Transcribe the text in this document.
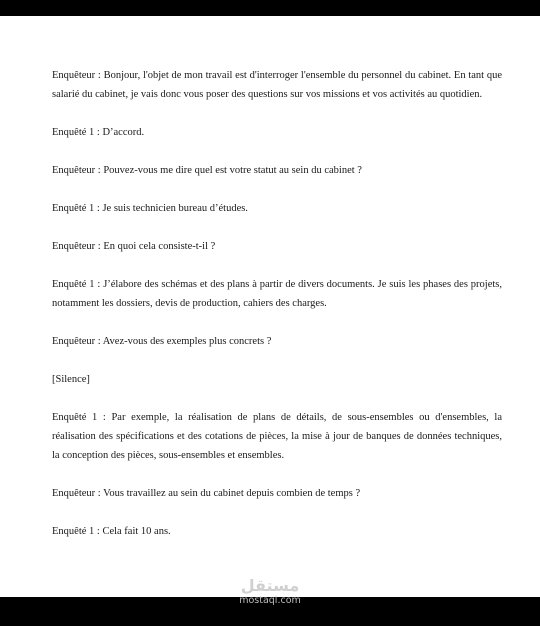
Enquêteur : Bonjour, l'objet de mon travail est d'interroger l'ensemble du personnel du cabinet. En tant que salarié du cabinet, je vais donc vous poser des questions sur vos missions et vos activités au quotidien.

Enquêté 1 : D’accord.

Enquêteur : Pouvez-vous me dire quel est votre statut au sein du cabinet ?

Enquêté 1 : Je suis technicien bureau d’études.

Enquêteur : En quoi cela consiste-t-il ?

Enquêté 1 : J’élabore des schémas et des plans à partir de divers documents. Je suis les phases des projets, notamment les dossiers, devis de production, cahiers des charges.

Enquêteur : Avez-vous des exemples plus concrets ?

[Silence]

Enquêté 1 : Par exemple, la réalisation de plans de détails, de sous-ensembles ou d'ensembles, la réalisation des spécifications et des cotations de pièces, la mise à jour de banques de données techniques, la conception des pièces, sous-ensembles et ensembles.

Enquêteur : Vous travaillez au sein du cabinet depuis combien de temps ?

Enquêté 1 : Cela fait 10 ans.

مستقل
mostaql.com
